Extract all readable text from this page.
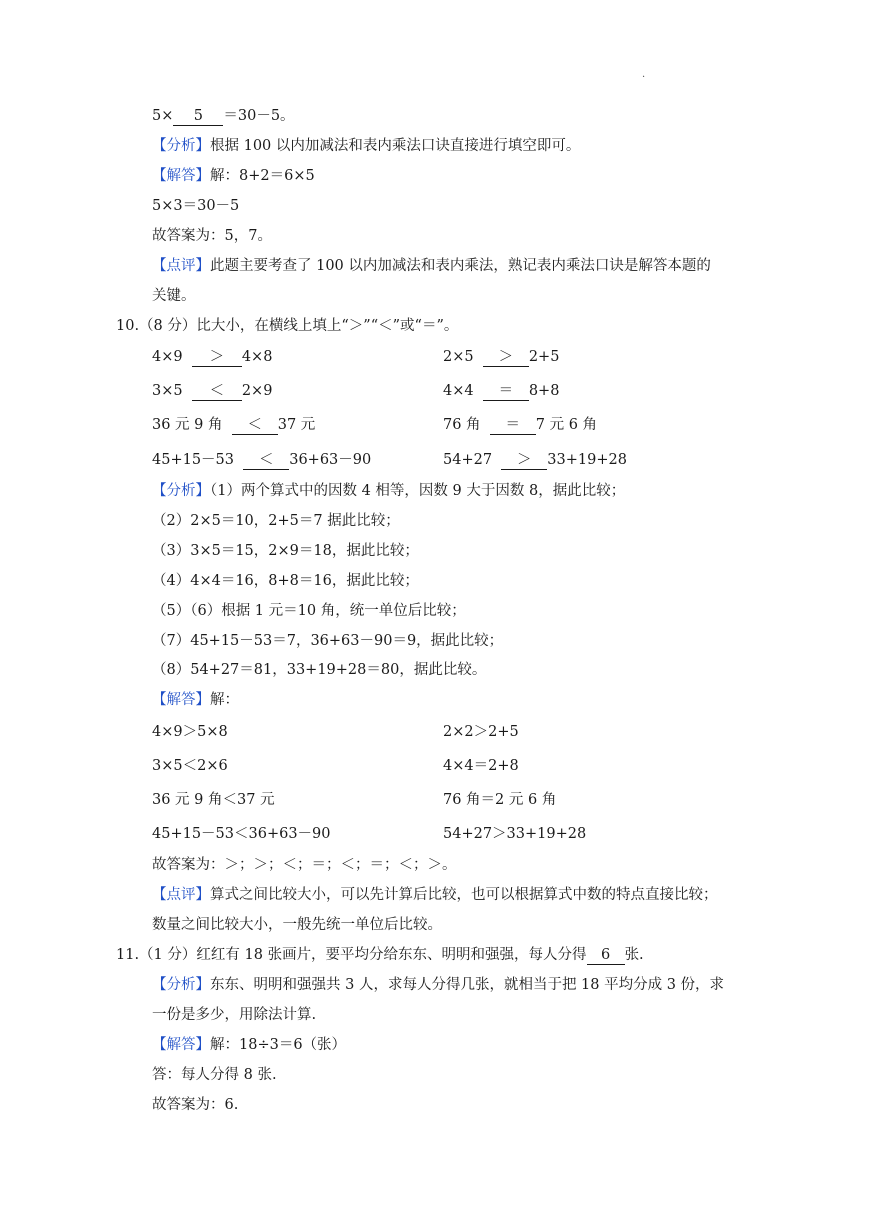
·
5× 5 ＝30－5。
【分析】根据 100 以内加减法和表内乘法口诀直接进行填空即可。
【解答】解：8+2＝6×5
5×3＝30－5
故答案为：5，7。
【点评】此题主要考查了 100 以内加减法和表内乘法，熟记表内乘法口诀是解答本题的
关键。
10.（8 分）比大小，在横线上填上“＞”“＜”或“＝”。
4×9 ＞ 4×8	2×5 ＞ 2+5
3×5 ＜ 2×9	4×4 ＝ 8+8
36 元 9 角 ＜ 37 元	76 角 ＝ 7 元 6 角
45+15－53 ＜ 36+63－90	54+27 ＞ 33+19+28
【分析】（1）两个算式中的因数 4 相等，因数 9 大于因数 8，据此比较；
（2）2×5＝10，2+5＝7 据此比较；
（3）3×5＝15，2×9＝18，据此比较；
（4）4×4＝16，8+8＝16，据此比较；
（5）（6）根据 1 元＝10 角，统一单位后比较；
（7）45+15－53＝7，36+63－90＝9，据此比较；
（8）54+27＝81，33+19+28＝80，据此比较。
【解答】解：
4×9＞5×8	2×2＞2+5
3×5＜2×6	4×4＝2+8
36 元 9 角＜37 元	76 角＝2 元 6 角
45+15－53＜36+63－90	54+27＞33+19+28
故答案为：＞；＞；＜；＝；＜；＝；＜；＞。
【点评】算式之间比较大小，可以先计算后比较，也可以根据算式中数的特点直接比较；
数量之间比较大小，一般先统一单位后比较。
11.（1 分）红红有 18 张画片，要平均分给东东、明明和强强，每人分得 6 张.
【分析】东东、明明和强强共 3 人，求每人分得几张，就相当于把 18 平均分成 3 份，求
一份是多少，用除法计算.
【解答】解：18÷3＝6（张）
答：每人分得 8 张.
故答案为：6.
